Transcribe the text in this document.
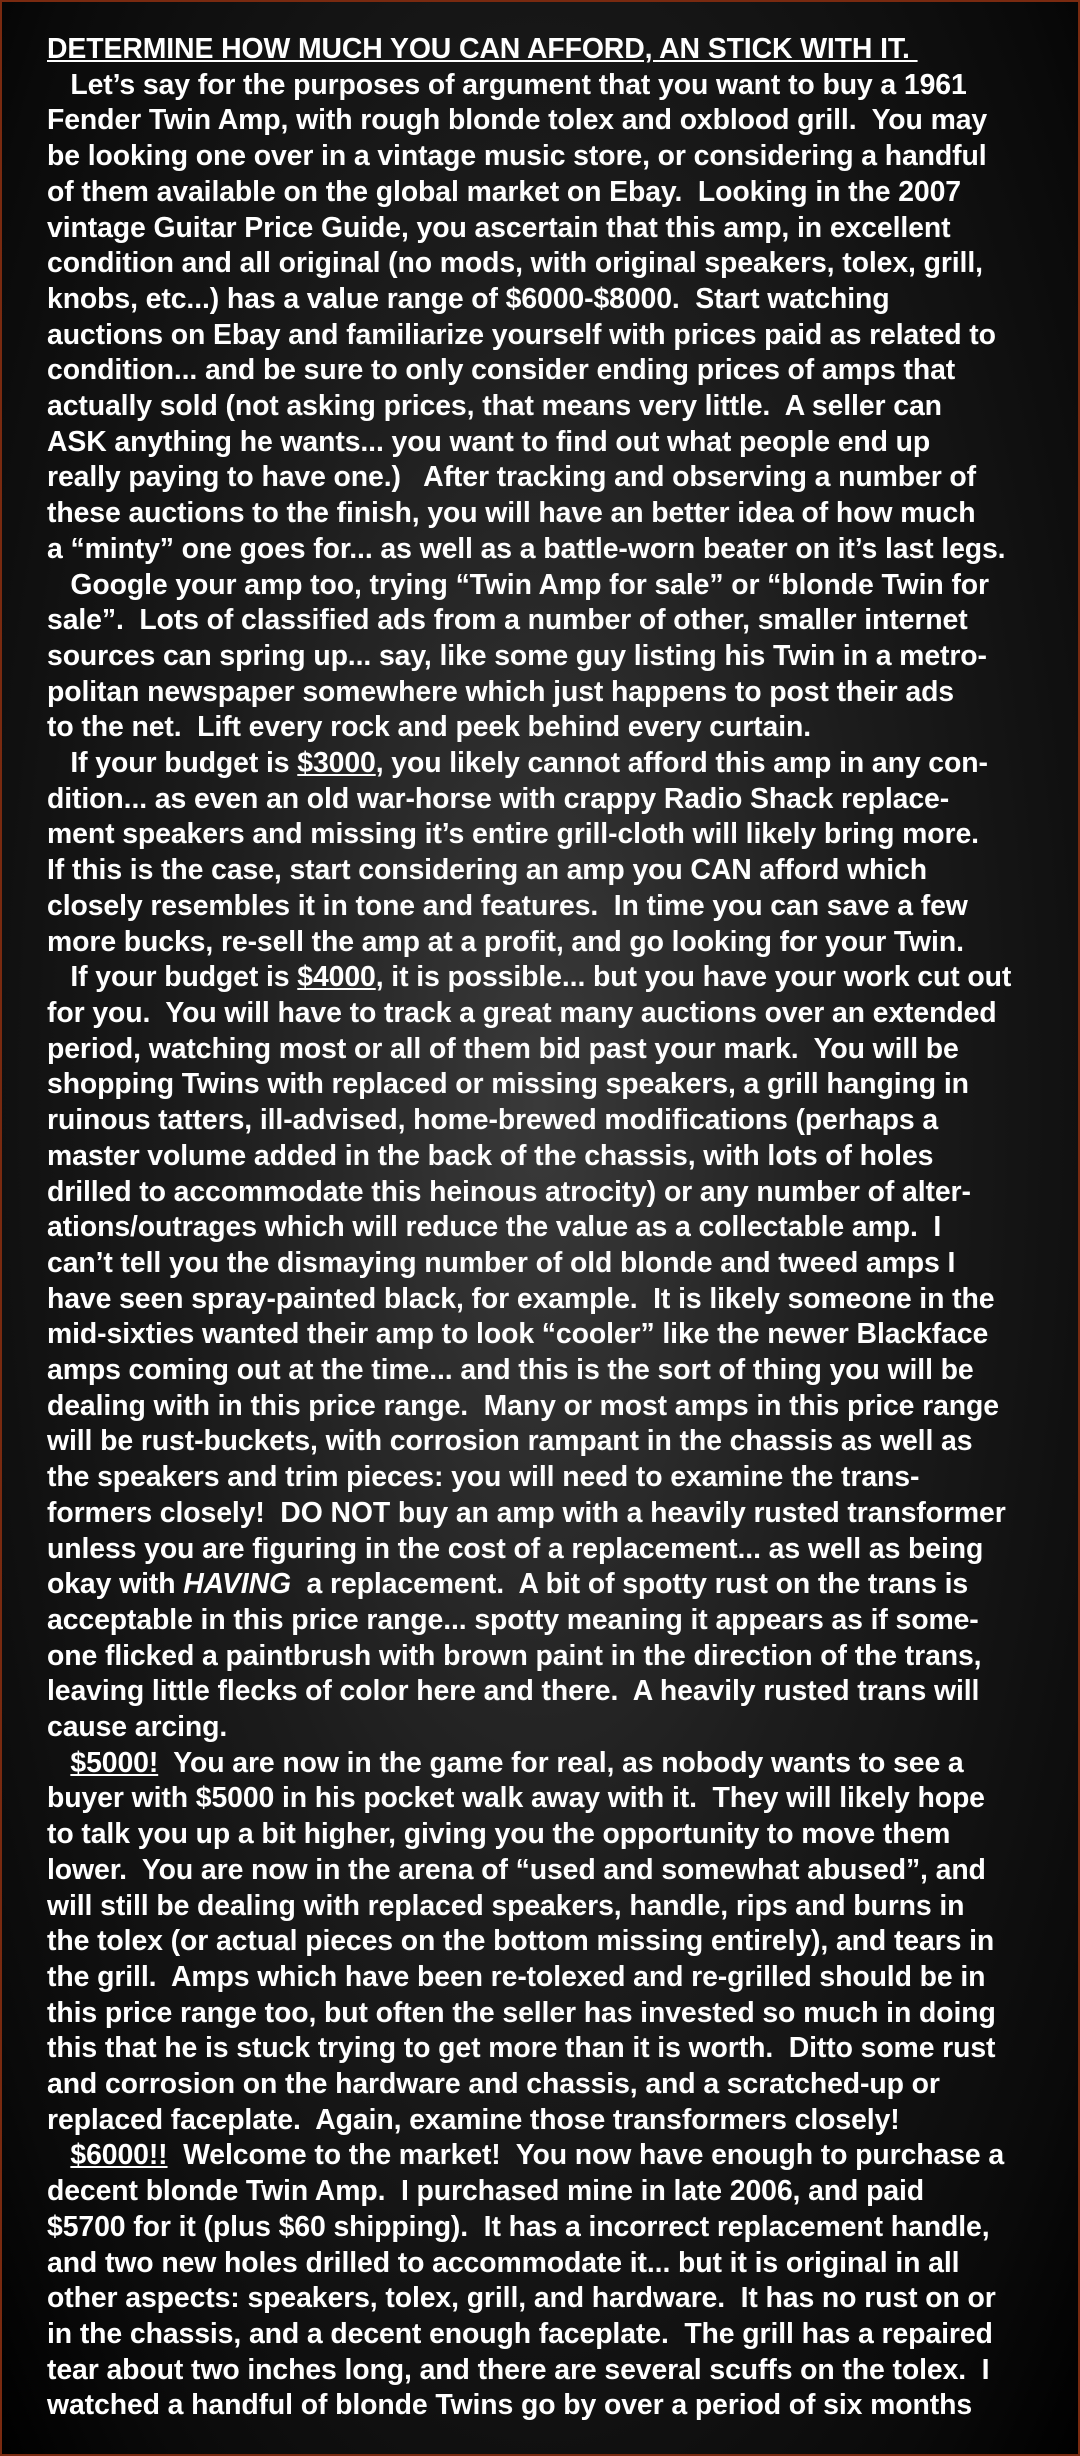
DETERMINE HOW MUCH YOU CAN AFFORD, AN STICK WITH IT.
Let’s say for the purposes of argument that you want to buy a 1961
Fender Twin Amp, with rough blonde tolex and oxblood grill.  You may
be looking one over in a vintage music store, or considering a handful
of them available on the global market on Ebay.  Looking in the 2007
vintage Guitar Price Guide, you ascertain that this amp, in excellent
condition and all original (no mods, with original speakers, tolex, grill,
knobs, etc...) has a value range of $6000-$8000.  Start watching
auctions on Ebay and familiarize yourself with prices paid as related to
condition... and be sure to only consider ending prices of amps that
actually sold (not asking prices, that means very little.  A seller can
ASK anything he wants... you want to find out what people end up
really paying to have one.)   After tracking and observing a number of
these auctions to the finish, you will have an better idea of how much
a “minty” one goes for... as well as a battle-worn beater on it’s last legs.
Google your amp too, trying “Twin Amp for sale” or “blonde Twin for
sale”.  Lots of classified ads from a number of other, smaller internet
sources can spring up... say, like some guy listing his Twin in a metro-
politan newspaper somewhere which just happens to post their ads
to the net.  Lift every rock and peek behind every curtain.
If your budget is $3000, you likely cannot afford this amp in any con-
dition... as even an old war-horse with crappy Radio Shack replace-
ment speakers and missing it’s entire grill-cloth will likely bring more.
If this is the case, start considering an amp you CAN afford which
closely resembles it in tone and features.  In time you can save a few
more bucks, re-sell the amp at a profit, and go looking for your Twin.
If your budget is $4000, it is possible... but you have your work cut out
for you.  You will have to track a great many auctions over an extended
period, watching most or all of them bid past your mark.  You will be
shopping Twins with replaced or missing speakers, a grill hanging in
ruinous tatters, ill-advised, home-brewed modifications (perhaps a
master volume added in the back of the chassis, with lots of holes
drilled to accommodate this heinous atrocity) or any number of alter-
ations/outrages which will reduce the value as a collectable amp.  I
can’t tell you the dismaying number of old blonde and tweed amps I
have seen spray-painted black, for example.  It is likely someone in the
mid-sixties wanted their amp to look “cooler” like the newer Blackface
amps coming out at the time... and this is the sort of thing you will be
dealing with in this price range.  Many or most amps in this price range
will be rust-buckets, with corrosion rampant in the chassis as well as
the speakers and trim pieces: you will need to examine the trans-
formers closely!  DO NOT buy an amp with a heavily rusted transformer
unless you are figuring in the cost of a replacement... as well as being
okay with HAVING  a replacement.  A bit of spotty rust on the trans is
acceptable in this price range... spotty meaning it appears as if some-
one flicked a paintbrush with brown paint in the direction of the trans,
leaving little flecks of color here and there.  A heavily rusted trans will
cause arcing.
$5000!  You are now in the game for real, as nobody wants to see a
buyer with $5000 in his pocket walk away with it.  They will likely hope
to talk you up a bit higher, giving you the opportunity to move them
lower.  You are now in the arena of “used and somewhat abused”, and
will still be dealing with replaced speakers, handle, rips and burns in
the tolex (or actual pieces on the bottom missing entirely), and tears in
the grill.  Amps which have been re-tolexed and re-grilled should be in
this price range too, but often the seller has invested so much in doing
this that he is stuck trying to get more than it is worth.  Ditto some rust
and corrosion on the hardware and chassis, and a scratched-up or
replaced faceplate.  Again, examine those transformers closely!
$6000!!  Welcome to the market!  You now have enough to purchase a
decent blonde Twin Amp.  I purchased mine in late 2006, and paid
$5700 for it (plus $60 shipping).  It has a incorrect replacement handle,
and two new holes drilled to accommodate it... but it is original in all
other aspects: speakers, tolex, grill, and hardware.  It has no rust on or
in the chassis, and a decent enough faceplate.  The grill has a repaired
tear about two inches long, and there are several scuffs on the tolex.  I
watched a handful of blonde Twins go by over a period of six months
